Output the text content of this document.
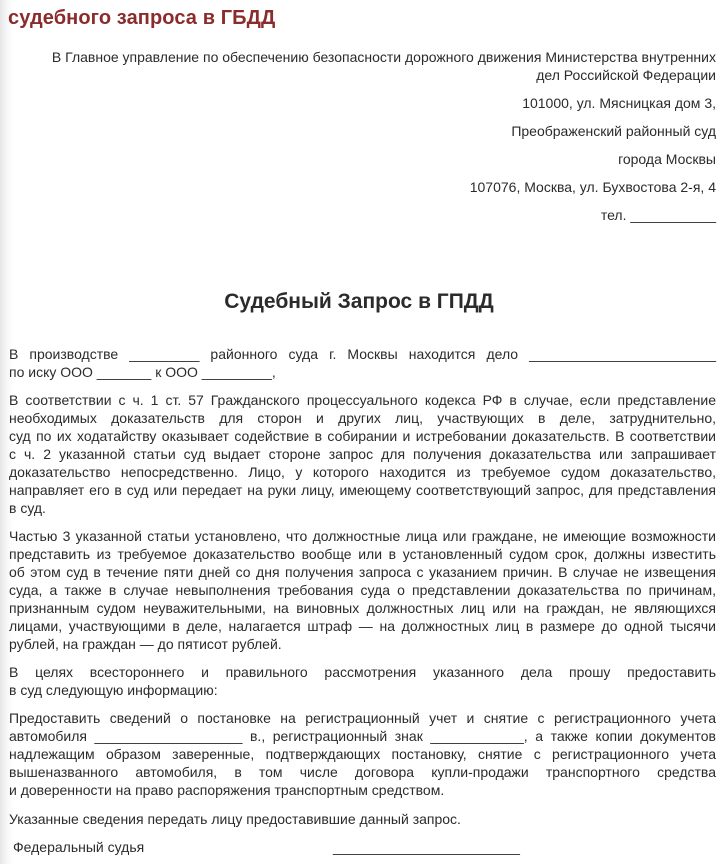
судебного запроса в ГБДД

В Главное управление по обеспечению безопасности дорожного движения Министерства внутренних дел Российской Федерации

101000, ул. Мясницкая дом 3,

Преображенский районный суд

города Москвы

107076, Москва, ул. Бухвостова 2-я, 4

тел. ___________

Судебный Запрос в ГПДД
В производстве _________ районного суда г. Москвы находится дело ________________________
по иску ООО _______ к ООО _________,
В соответствии с ч. 1 ст. 57 Гражданского процессуального кодекса РФ в случае, если представление
необходимых доказательств для сторон и других лиц, участвующих в деле, затруднительно,
суд по их ходатайству оказывает содействие в собирании и истребовании доказательств. В соответствии
с ч. 2 указанной статьи суд выдает стороне запрос для получения доказательства или запрашивает
доказательство непосредственно. Лицо, у которого находится из требуемое судом доказательство,
направляет его в суд или передает на руки лицу, имеющему соответствующий запрос, для представления
в суд.
Частью 3 указанной статьи установлено, что должностные лица или граждане, не имеющие возможности
представить из требуемое доказательство вообще или в установленный судом срок, должны известить
об этом суд в течение пяти дней со дня получения запроса с указанием причин. В случае не извещения
суда, а также в случае невыполнения требования суда о представлении доказательства по причинам,
признанным судом неуважительными, на виновных должностных лиц или на граждан, не являющихся
лицами, участвующими в деле, налагается штраф — на должностных лиц в размере до одной тысячи
рублей, на граждан — до пятисот рублей.
В целях всестороннего и правильного рассмотрения указанного дела прошу предоставить
в суд следующую информацию:
Предоставить сведений о постановке на регистрационный учет и снятие с регистрационного учета
автомобиля ___________________ в., регистрационный знак ____________, а также копии документов
надлежащим образом заверенные, подтверждающих постановку, снятие с регистрационного учета
вышеназванного автомобиля, в том числе договора купли-продажи транспортного средства
и доверенности на право распоряжения транспортным средством.
Указанные сведения передать лицу предоставившие данный запрос.
Федеральный судья	________________________
